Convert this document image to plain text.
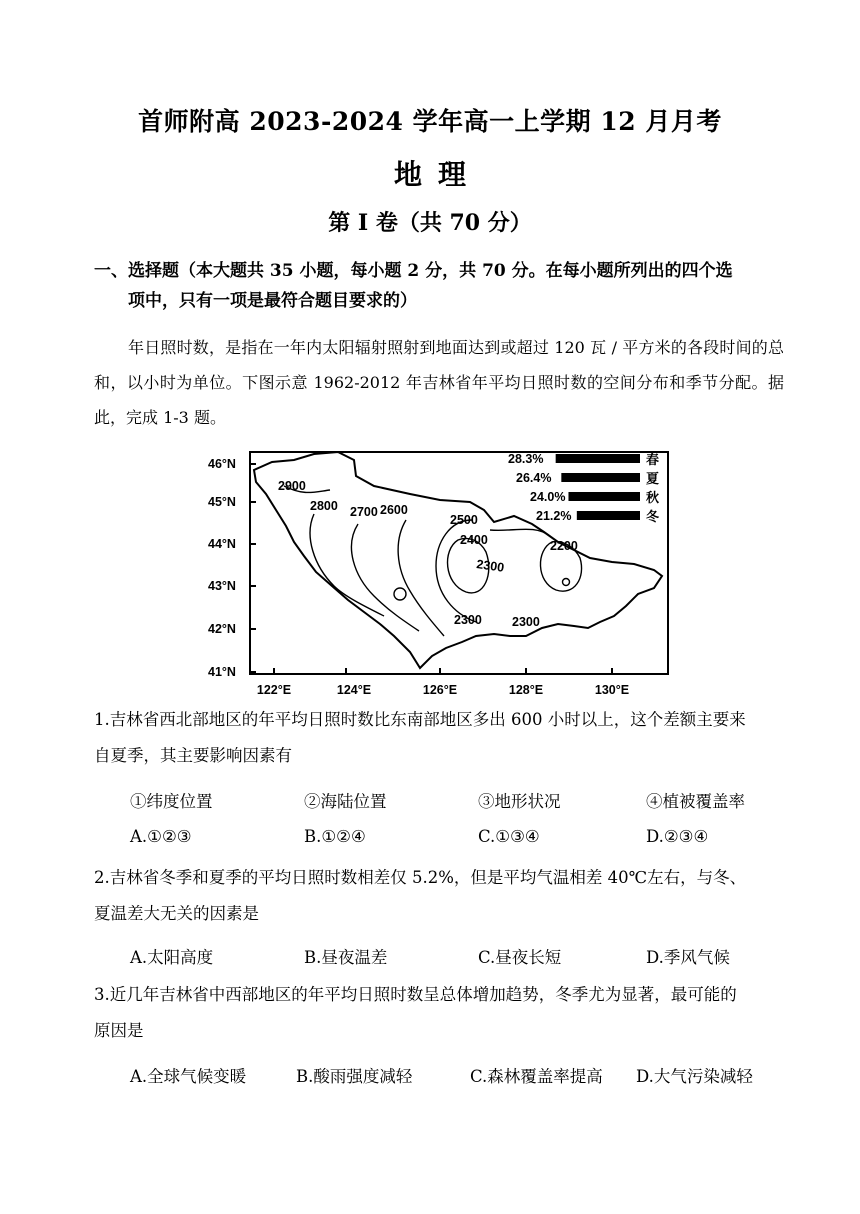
首师附高 2023-2024 学年高一上学期 12 月月考
地理
第 I 卷（共 70 分）
一、选择题（本大题共 35 小题，每小题 2 分，共 70 分。在每小题所列出的四个选
项中，只有一项是最符合题目要求的）
年日照时数，是指在一年内太阳辐射照射到地面达到或超过 120 瓦 / 平方米的各段时间的总和，以小时为单位。下图示意 1962-2012 年吉林省年平均日照时数的空间分布和季节分配。据此，完成 1-3 题。
46°N
45°N
44°N
43°N
42°N
41°N
122°E	124°E	126°E	128°E	130°E
2900
2800 2700 2600
2500
2400
2300
2200
2300 2300
28.3%
26.4%
24.0%
21.2%
春
夏
秋
冬
1.吉林省西北部地区的年平均日照时数比东南部地区多出 600 小时以上，这个差额主要来
自夏季，其主要影响因素有
①纬度位置	②海陆位置	③地形状况	④植被覆盖率
A.①②③	B.①②④	C.①③④	D.②③④
2.吉林省冬季和夏季的平均日照时数相差仅 5.2%，但是平均气温相差 40℃左右，与冬、
夏温差大无关的因素是
A.太阳高度	B.昼夜温差	C.昼夜长短	D.季风气候
3.近几年吉林省中西部地区的年平均日照时数呈总体增加趋势，冬季尤为显著，最可能的
原因是
A.全球气候变暖	B.酸雨强度减轻	C.森林覆盖率提高 D.大气污染减轻
